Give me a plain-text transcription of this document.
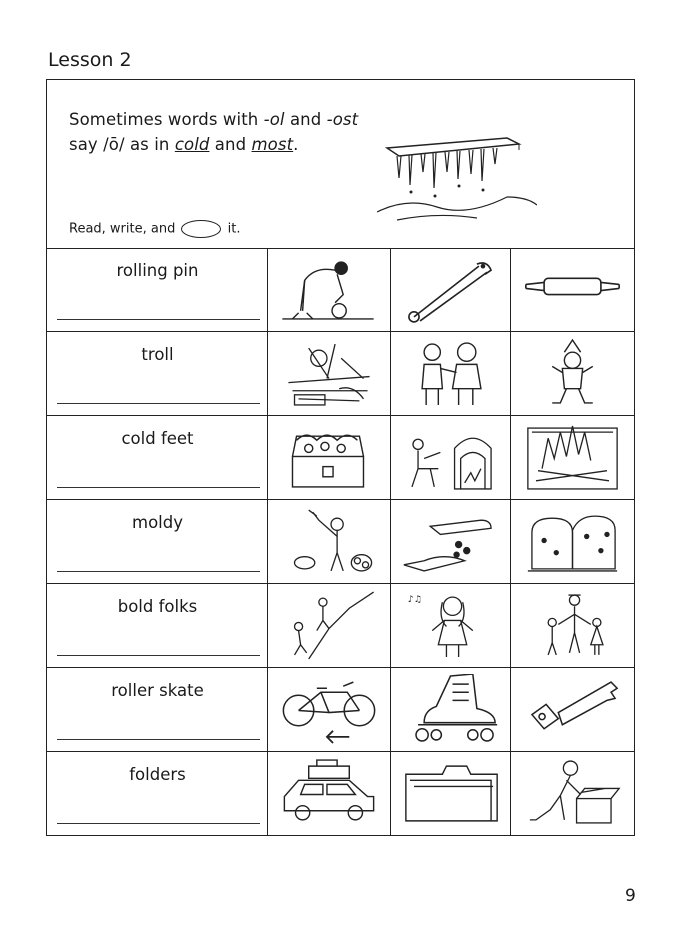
Lesson 2
Sometimes words with -ol and -ost
say /ō/ as in cold and most.
Read, write, and	it.
rolling pin
troll
cold feet
moldy
bold folks	♪♫
roller skate
folders
9
